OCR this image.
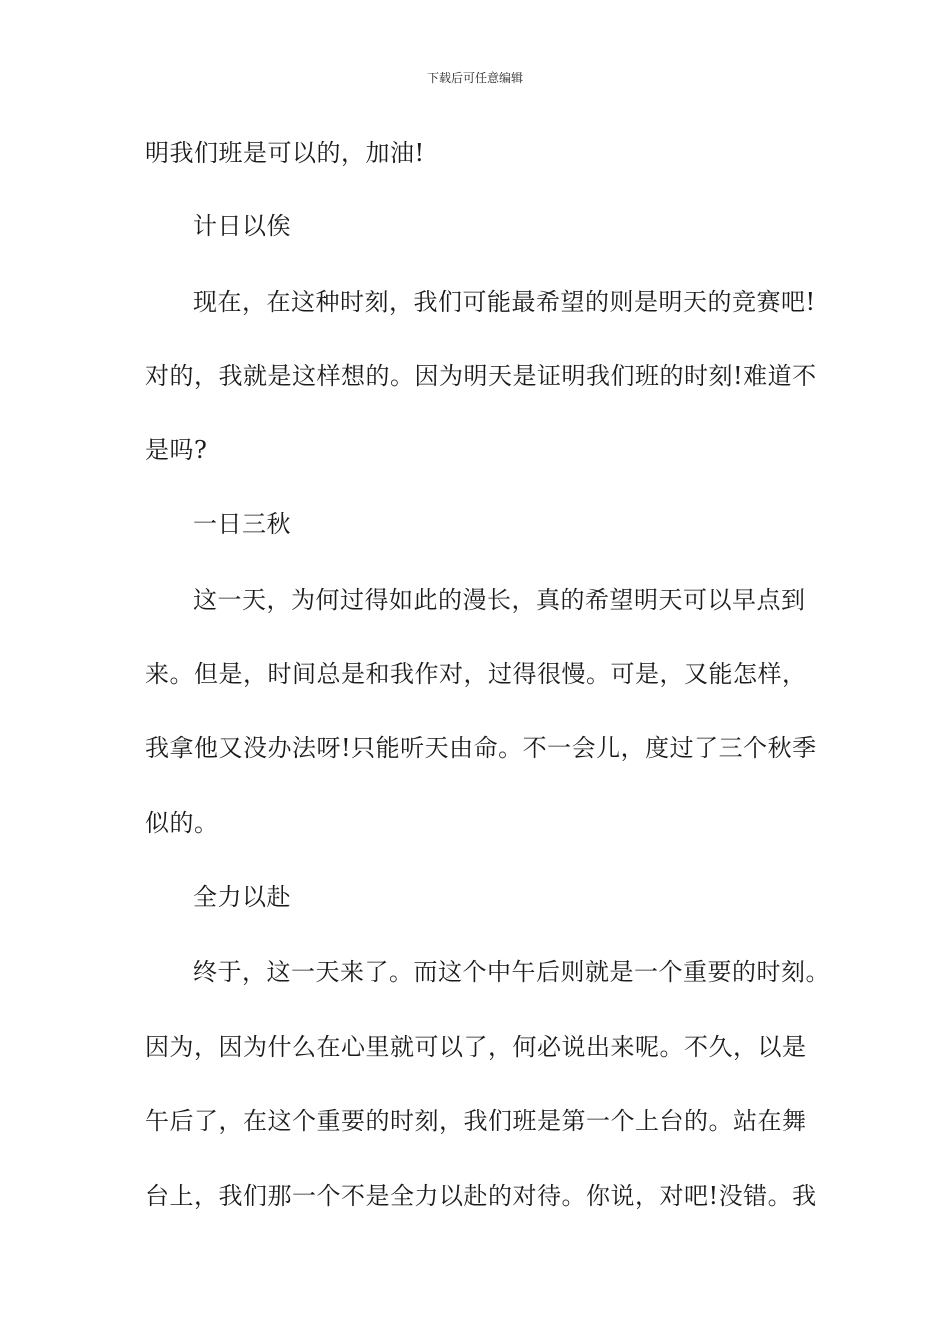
下载后可任意编辑
明我们班是可以的，加油!
计日以俟
现在，在这种时刻，我们可能最希望的则是明天的竞赛吧!
对的，我就是这样想的。因为明天是证明我们班的时刻!难道不
是吗?
一日三秋
这一天，为何过得如此的漫长，真的希望明天可以早点到
来。但是，时间总是和我作对，过得很慢。可是，又能怎样，
我拿他又没办法呀!只能听天由命。不一会儿，度过了三个秋季
似的。
全力以赴
终于，这一天来了。而这个中午后则就是一个重要的时刻。
因为，因为什么在心里就可以了，何必说出来呢。不久，以是
午后了，在这个重要的时刻，我们班是第一个上台的。站在舞
台上，我们那一个不是全力以赴的对待。你说，对吧!没错。我
